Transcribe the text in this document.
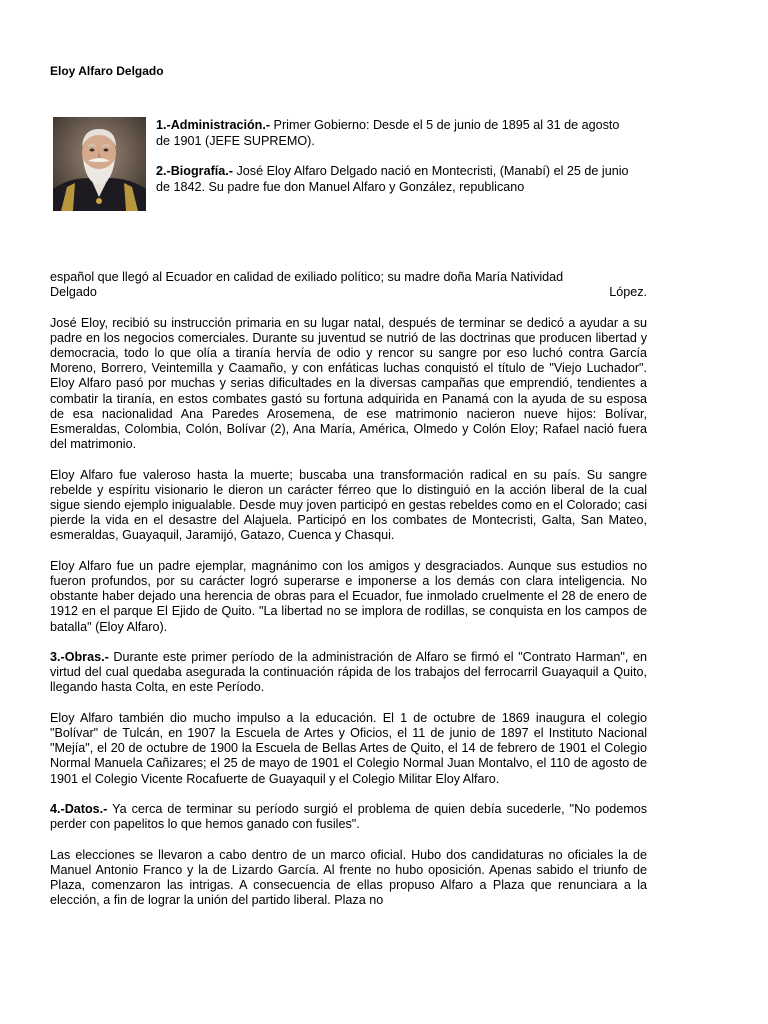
Eloy Alfaro Delgado

1.-Administración.- Primer Gobierno: Desde el 5 de junio de 1895 al 31 de agosto de 1901 (JEFE SUPREMO).

2.-Biografía.- José Eloy Alfaro Delgado nació en Montecristi, (Manabí) el 25 de junio de 1842. Su padre fue don Manuel Alfaro y González, republicano

español que llegó al Ecuador en calidad de exiliado político; su madre doña María Natividad
Delgado	López.

José Eloy, recibió su instrucción primaria en su lugar natal, después de terminar se dedicó a ayudar a su padre en los negocios comerciales. Durante su juventud se nutrió de las doctrinas que producen libertad y democracia, todo lo que olía a tiranía hervía de odio y rencor su sangre por eso luchó contra García Moreno, Borrero, Veintemilla y Caamaño, y con enfáticas luchas conquistó el título de "Viejo Luchador". Eloy Alfaro pasó por muchas y serias dificultades en la diversas campañas que emprendió, tendientes a combatir la tiranía, en estos combates gastó su fortuna adquirida en Panamá con la ayuda de su esposa de esa nacionalidad Ana Paredes Arosemena, de ese matrimonio nacieron nueve hijos: Bolívar, Esmeraldas, Colombia, Colón, Bolívar (2), Ana María, América, Olmedo y Colón Eloy; Rafael nació fuera del matrimonio.

Eloy Alfaro fue valeroso hasta la muerte; buscaba una transformación radical en su país. Su sangre rebelde y espíritu visionario le dieron un carácter férreo que lo distinguió en la acción liberal de la cual sigue siendo ejemplo inigualable. Desde muy joven participó en gestas rebeldes como en el Colorado; casi pierde la vida en el desastre del Alajuela. Participó en los combates de Montecristi, Galta, San Mateo, esmeraldas, Guayaquil, Jaramijó, Gatazo, Cuenca y Chasqui.

Eloy Alfaro fue un padre ejemplar, magnánimo con los amigos y desgraciados. Aunque sus estudios no fueron profundos, por su carácter logró superarse e imponerse a los demás con clara inteligencia. No obstante haber dejado una herencia de obras para el Ecuador, fue inmolado cruelmente el 28 de enero de 1912 en el parque El Ejido de Quito. "La libertad no se implora de rodillas, se conquista en los campos de batalla" (Eloy Alfaro).

3.-Obras.- Durante este primer período de la administración de Alfaro se firmó el "Contrato Harman", en virtud del cual quedaba asegurada la continuación rápida de los trabajos del ferrocarril Guayaquil a Quito, llegando hasta Colta, en este Período.

Eloy Alfaro también dio mucho impulso a la educación. El 1 de octubre de 1869 inaugura el colegio "Bolívar" de Tulcán, en 1907 la Escuela de Artes y Oficios, el 11 de junio de 1897 el Instituto Nacional "Mejía", el 20 de octubre de 1900 la Escuela de Bellas Artes de Quito, el 14 de febrero de 1901 el Colegio Normal Manuela Cañizares; el 25 de mayo de 1901 el Colegio Normal Juan Montalvo, el 110 de agosto de 1901 el Colegio Vicente Rocafuerte de Guayaquil y el Colegio Militar Eloy Alfaro.

4.-Datos.- Ya cerca de terminar su período surgió el problema de quien debía sucederle, "No podemos perder con papelitos lo que hemos ganado con fusiles".

Las elecciones se llevaron a cabo dentro de un marco oficial. Hubo dos candidaturas no oficiales la de Manuel Antonio Franco y la de Lizardo García. Al frente no hubo oposición. Apenas sabido el triunfo de Plaza, comenzaron las intrigas. A consecuencia de ellas propuso Alfaro a Plaza que renunciara a la elección, a fin de lograr la unión del partido liberal. Plaza no
